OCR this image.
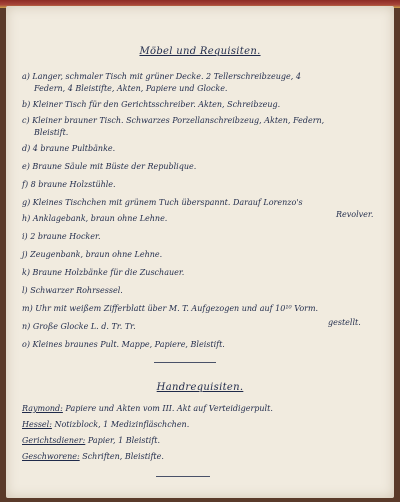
Möbel und Requisiten.
a) Langer, schmaler Tisch mit grüner Decke. 2 Tellerschreibzeuge, 4
Federn, 4 Bleistifte, Akten, Papiere und Glocke.
b) Kleiner Tisch für den Gerichtsschreiber. Akten, Schreibzeug.
c) Kleiner brauner Tisch. Schwarzes Porzellanschreibzeug, Akten, Federn,
Bleistift.
d) 4 braune Pultbänke.
e) Braune Säule mit Büste der Republique.
f) 8 braune Holzstühle.
g) Kleines Tischchen mit grünem Tuch überspannt. Darauf Lorenzo's
Revolver.
h) Anklagebank, braun ohne Lehne.
i) 2 braune Hocker.
j) Zeugenbank, braun ohne Lehne.
k) Braune Holzbänke für die Zuschauer.
l) Schwarzer Rohrsessel.
m) Uhr mit weißem Zifferblatt über M. T. Aufgezogen und auf 10¹⁰ Vorm.
gestellt.
n) Große Glocke L. d. Tr. Tr.
o) Kleines braunes Pult. Mappe, Papiere, Bleistift.
Handrequisiten.
Raymond: Papiere und Akten vom III. Akt auf Verteidigerpult.
Hessel: Notizblock, 1 Medizinfläschchen.
Gerichtsdiener: Papier, 1 Bleistift.
Geschworene: Schriften, Bleistifte.
